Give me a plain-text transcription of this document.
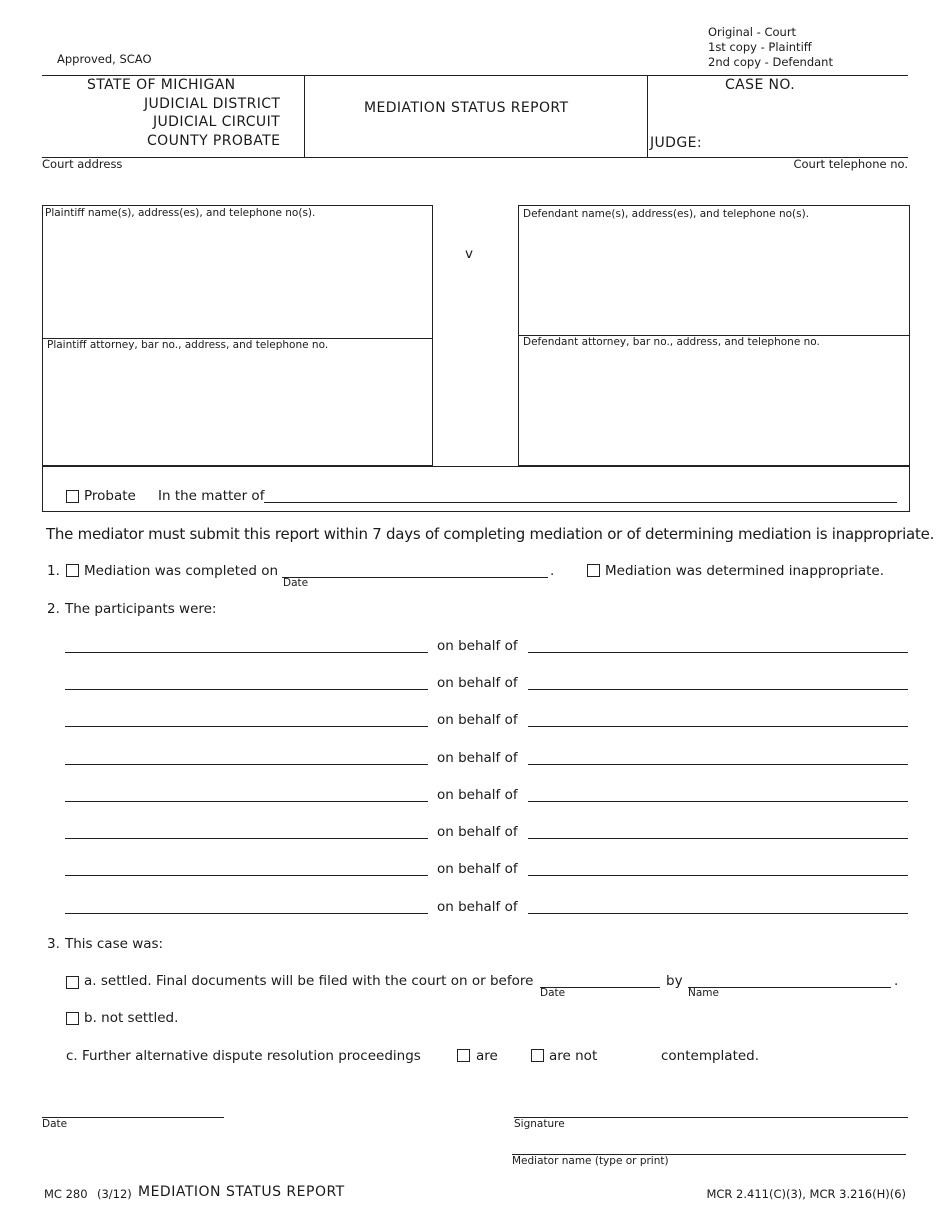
Original - Court
1st copy - Plaintiff
2nd copy - Defendant
Approved, SCAO
STATE OF MICHIGAN
JUDICIAL DISTRICT
JUDICIAL CIRCUIT
COUNTY PROBATE
MEDIATION STATUS REPORT
CASE NO.
JUDGE:
Court address	Court telephone no.
Plaintiff name(s), address(es), and telephone no(s).
Plaintiff attorney, bar no., address, and telephone no.
v
Defendant name(s), address(es), and telephone no(s).
Defendant attorney, bar no., address, and telephone no.
Probate In the matter of
The mediator must submit this report within 7 days of completing mediation or of determining mediation is inappropriate.
1. Mediation was completed on
Date
.	Mediation was determined inappropriate.
2. The participants were:
on behalf of
on behalf of
on behalf of
on behalf of
on behalf of
on behalf of
on behalf of
on behalf of
3. This case was:
a. settled. Final documents will be filed with the court on or before
Date
by
Name
.
b. not settled.
c. Further alternative dispute resolution proceedings	are	are not	contemplated.
Date	Signature
Mediator name (type or print)
MC 280 (3/12) MEDIATION STATUS REPORT	MCR 2.411(C)(3), MCR 3.216(H)(6)
